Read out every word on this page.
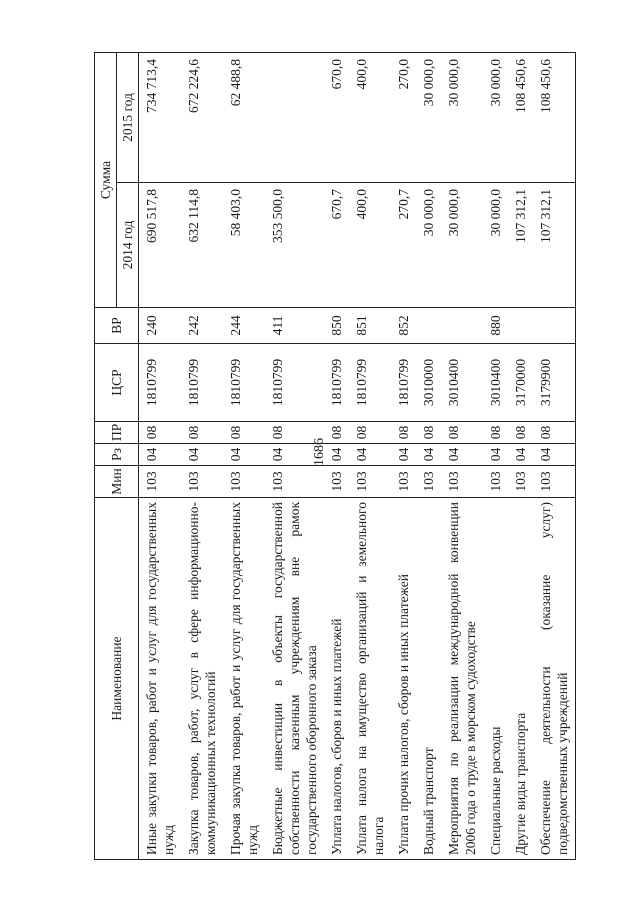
1686
Наименование	Мин	Рз	ПР	ЦСР	ВР	Сумма	
						2014 год	2015 год
Иные закупки товаров, работ и услуг для государственных нужд	103	04	08	1810799	240	690 517,8	734 713,4
Закупка товаров, работ, услуг в сфере информационно-коммуникационных технологий	103	04	08	1810799	242	632 114,8	672 224,6
Прочая закупка товаров, работ и услуг для государственных нужд	103	04	08	1810799	244	58 403,0	62 488,8
Бюджетные инвестиции в объекты государственной собственности казенным учреждениям вне рамок государственного оборонного заказа	103	04	08	1810799	411	353 500,0	
Уплата налогов, сборов и иных платежей	103	04	08	1810799	850	670,7	670,0
Уплата налога на имущество организаций и земельного налога	103	04	08	1810799	851	400,0	400,0
Уплата прочих налогов, сборов и иных платежей	103	04	08	1810799	852	270,7	270,0
Водный транспорт	103	04	08	3010000		30 000,0	30 000,0
Мероприятия по реализации международной конвенции 2006 года о труде в морском судоходстве	103	04	08	3010400		30 000,0	30 000,0
Специальные расходы	103	04	08	3010400	880	30 000,0	30 000,0
Другие виды транспорта	103	04	08	3170000		107 312,1	108 450,6
Обеспечение деятельности (оказание услуг) подведомственных учреждений	103	04	08	3179900		107 312,1	108 450,6
